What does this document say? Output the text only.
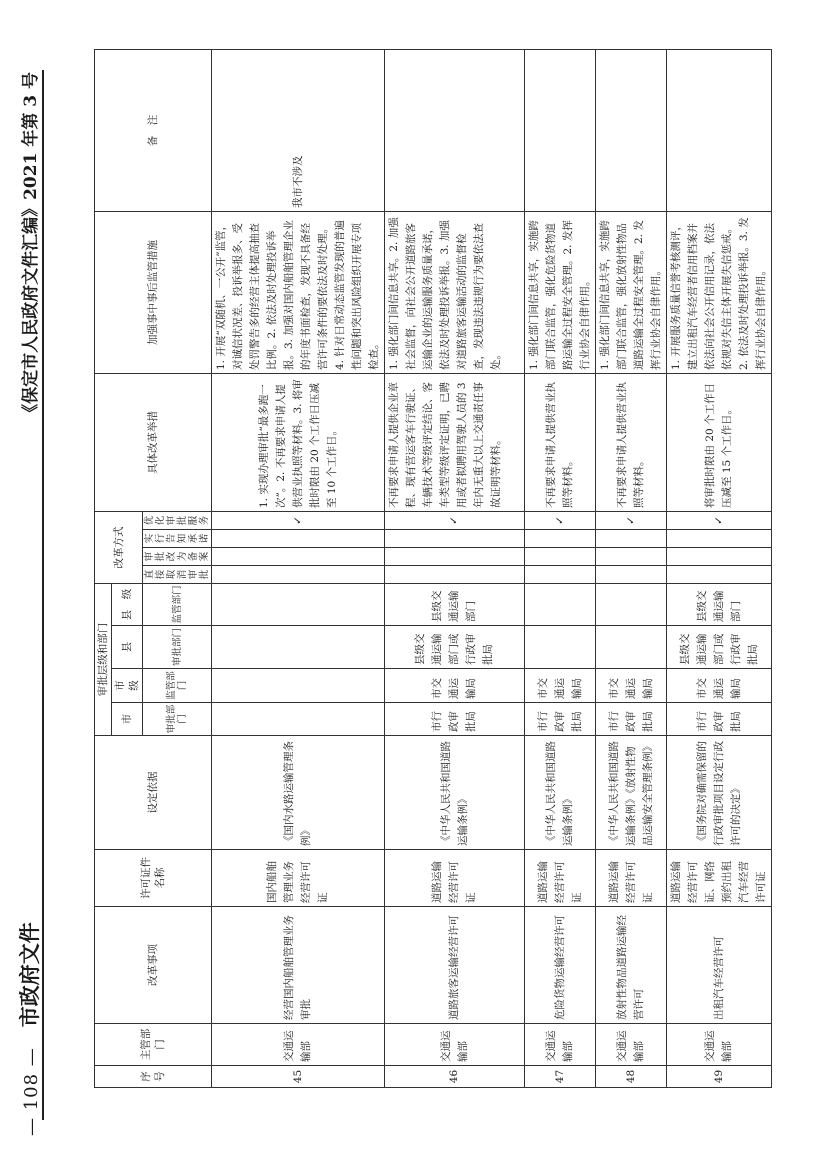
— 108 —
市政府文件
《保定市人民政府文件汇编》2021 年第 3 号
序号	主管部门	改革事项	许可证件名称	设定依据	审批层级和部门				改革方式				具体改革举措	加强事中事后监管措施	备　注
					市	市　级	县	县　级							
					审批部门	监管部门	审批部门	监管部门	直接取消审批	审批改为备案	实行告知承诺	优化审批服务			
45	交通运输部	经营国内船舶管理业务审批	国内船舶管理业务经营许可证	《国内水路运输管理条例》								✓	1. 实现办理审批“最多跑一次”。2. 不再要求申请人提供营业执照等材料。3. 将审批时限由 20 个工作日压减至 10 个工作日。	1. 开展“双随机、一公开”监管，对诚信状况差、投诉举报多、受处罚警告多的经营主体提高抽查比例。2. 依法及时处理投诉举报。3. 加强对国内船舶管理企业的年度书面检查，发现不具备经营许可条件的要依法及时处理。4. 针对日常动态监管发现的普遍性问题和突出风险组织开展专项检查。	我市不涉及
46	交通运输部	道路旅客运输经营许可	道路运输经营许可证	《中华人民共和国道路运输条例》	市行政审批局	市交通运输局	县级交通运输部门或行政审批局	县级交通运输部门				✓	不再要求申请人提供企业章程、现有营运客车行驶证、车辆技术等级评定结论、客车类型等级评定证明，已聘用或者拟聘用驾驶人员的 3 年内无重大以上交通责任事故证明等材料。	1. 强化部门间信息共享。2. 加强社会监督，向社会公开道路旅客运输企业的运输服务质量承诺，依法及时处理投诉举报。3. 加强对道路旅客运输活动的监督检查，发现违法违规行为要依法查处。	
47	交通运输部	危险货物运输经营许可	道路运输经营许可证	《中华人民共和国道路运输条例》	市行政审批局	市交通运输局						✓	不再要求申请人提供营业执照等材料。	1. 强化部门间信息共享，实施跨部门联合监管，强化危险货物道路运输全过程安全管理。2. 发挥行业协会自律作用。	
48	交通运输部	放射性物品道路运输经营许可	道路运输经营许可证	《中华人民共和国道路运输条例》《放射性物品运输安全管理条例》	市行政审批局	市交通运输局						✓	不再要求申请人提供营业执照等材料。	1. 强化部门间信息共享，实施跨部门联合监管，强化放射性物品道路运输全过程安全管理。2. 发挥行业协会自律作用。	
49	交通运输部	出租汽车经营许可	道路运输经营许可证、网络预约出租汽车经营许可证	《国务院对确需保留的行政审批项目设定行政许可的决定》	市行政审批局	市交通运输局	县级交通运输部门或行政审批局	县级交通运输部门				✓	将审批时限由 20 个工作日压减至 15 个工作日。	1. 开展服务质量信誉考核测评，建立出租汽车经营者信用档案并依法向社会公开信用记录，依法依规对失信主体开展失信惩戒。2. 依法及时处理投诉举报。3. 发挥行业协会自律作用。	
